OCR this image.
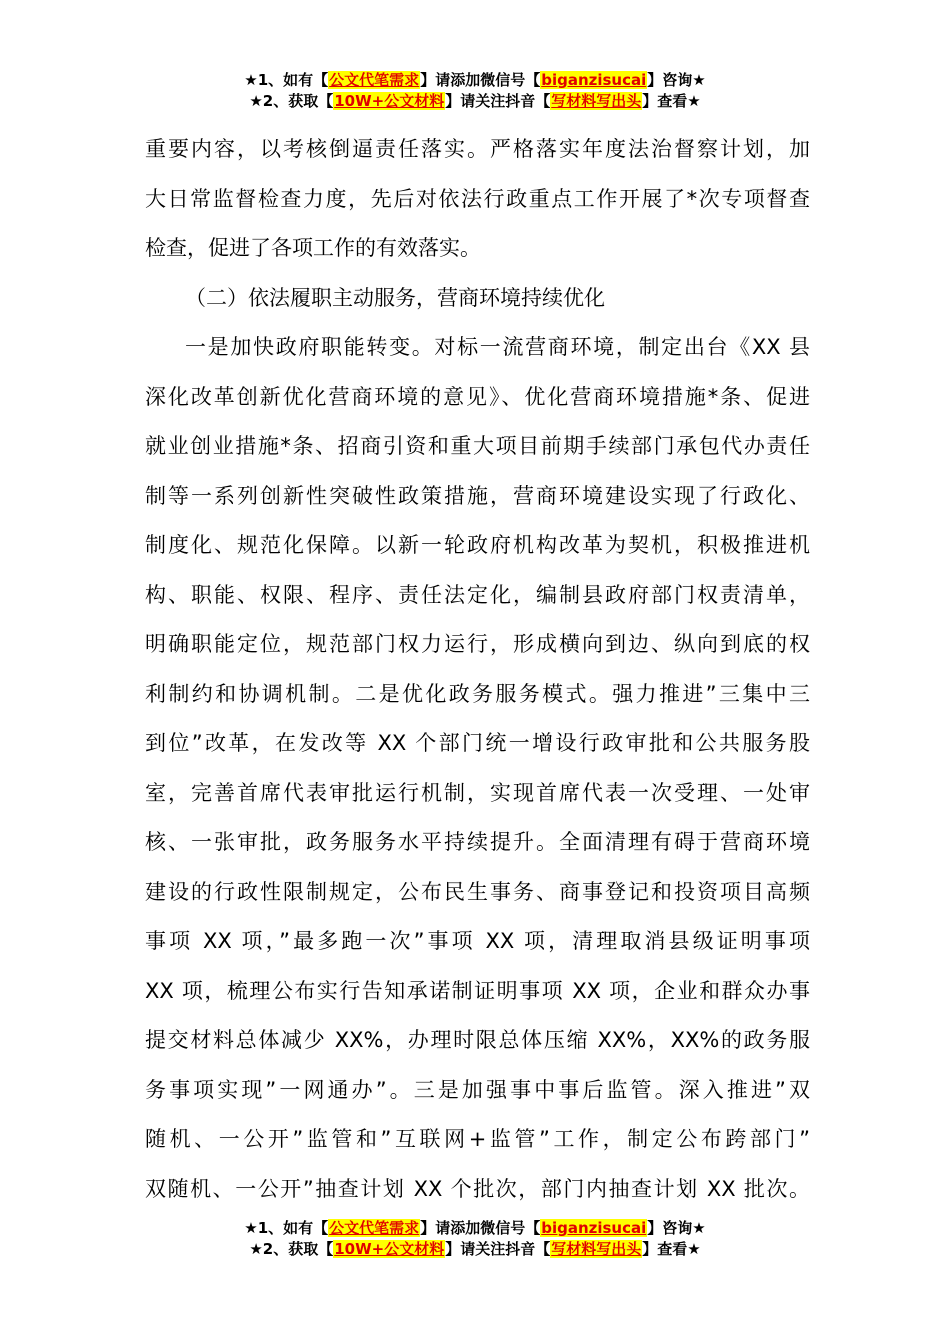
★1、如有【公文代笔需求】请添加微信号【biganzisucai】咨询★
★2、获取【10W+公文材料】请关注抖音【写材料写出头】查看★
重要内容，以考核倒逼责任落实。严格落实年度法治督察计划，加
大日常监督检查力度，先后对依法行政重点工作开展了*次专项督查
检查，促进了各项工作的有效落实。
（二）依法履职主动服务，营商环境持续优化
一是加快政府职能转变。对标一流营商环境，制定出台《XX 县
深化改革创新优化营商环境的意见》、优化营商环境措施*条、促进
就业创业措施*条、招商引资和重大项目前期手续部门承包代办责任
制等一系列创新性突破性政策措施，营商环境建设实现了行政化、
制度化、规范化保障。以新一轮政府机构改革为契机，积极推进机
构、职能、权限、程序、责任法定化，编制县政府部门权责清单，
明确职能定位，规范部门权力运行，形成横向到边、纵向到底的权
利制约和协调机制。二是优化政务服务模式。强力推进”三集中三
到位”改革，在发改等 XX 个部门统一增设行政审批和公共服务股
室，完善首席代表审批运行机制，实现首席代表一次受理、一处审
核、一张审批，政务服务水平持续提升。全面清理有碍于营商环境
建设的行政性限制规定，公布民生事务、商事登记和投资项目高频
事项 XX 项，”最多跑一次”事项 XX 项，清理取消县级证明事项
XX 项，梳理公布实行告知承诺制证明事项 XX 项，企业和群众办事
提交材料总体减少 XX%，办理时限总体压缩 XX%，XX%的政务服
务事项实现”一网通办”。三是加强事中事后监管。深入推进”双
随机、一公开”监管和”互联网+监管”工作，制定公布跨部门”
双随机、一公开”抽查计划 XX 个批次，部门内抽查计划 XX 批次。
★1、如有【公文代笔需求】请添加微信号【biganzisucai】咨询★
★2、获取【10W+公文材料】请关注抖音【写材料写出头】查看★
